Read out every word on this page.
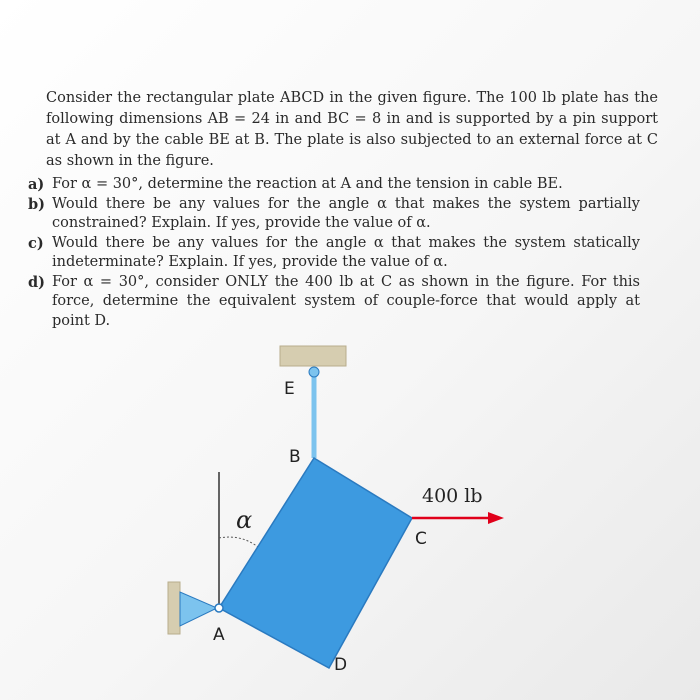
Consider the rectangular plate ABCD in the given figure. The 100 lb plate has the following dimensions AB = 24 in and BC = 8 in and is supported by a pin support at A and by the cable BE at B. The plate is also subjected to an external force at C as shown in the figure.
a) For α = 30°, determine the reaction at A and the tension in cable BE.
b) Would there be any values for the angle α that makes the system partially constrained? Explain. If yes, provide the value of α.
c) Would there be any values for the angle α that makes the system statically indeterminate? Explain. If yes, provide the value of α.
d) For α = 30°, consider ONLY the 400 lb at C as shown in the figure. For this force, determine the equivalent system of couple-force that would apply at point D.
E
B
C
A
D
α
400 lb
